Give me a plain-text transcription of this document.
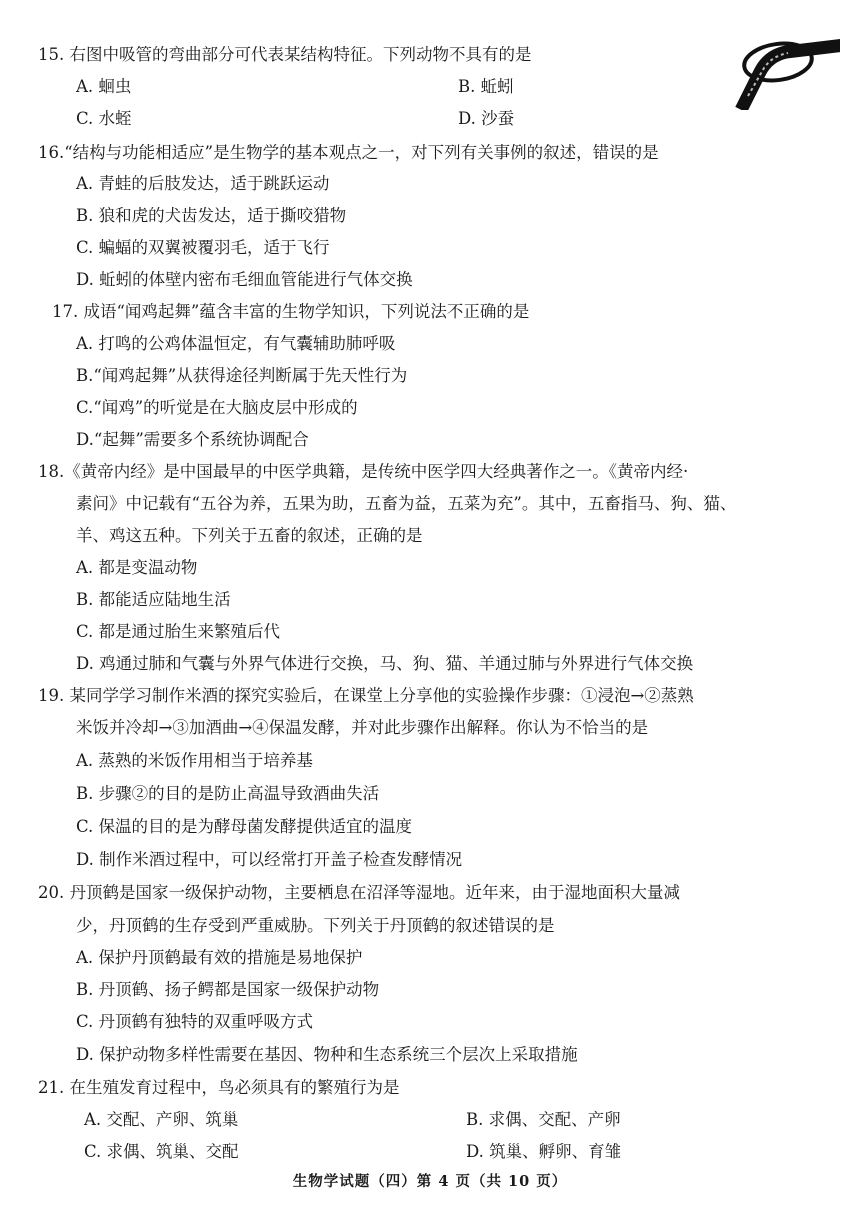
15. 右图中吸管的弯曲部分可代表某结构特征。下列动物不具有的是
A. 蛔虫	B. 蚯蚓
C. 水蛭	D. 沙蚕
16.“结构与功能相适应”是生物学的基本观点之一，对下列有关事例的叙述，错误的是
A. 青蛙的后肢发达，适于跳跃运动
B. 狼和虎的犬齿发达，适于撕咬猎物
C. 蝙蝠的双翼被覆羽毛，适于飞行
D. 蚯蚓的体壁内密布毛细血管能进行气体交换
17. 成语“闻鸡起舞”蕴含丰富的生物学知识，下列说法不正确的是
A. 打鸣的公鸡体温恒定，有气囊辅助肺呼吸
B.“闻鸡起舞”从获得途径判断属于先天性行为
C.“闻鸡”的听觉是在大脑皮层中形成的
D.“起舞”需要多个系统协调配合
18.《黄帝内经》是中国最早的中医学典籍，是传统中医学四大经典著作之一。《黄帝内经·
素问》中记载有“五谷为养，五果为助，五畜为益，五菜为充”。其中，五畜指马、狗、猫、
羊、鸡这五种。下列关于五畜的叙述，正确的是
A. 都是变温动物
B. 都能适应陆地生活
C. 都是通过胎生来繁殖后代
D. 鸡通过肺和气囊与外界气体进行交换，马、狗、猫、羊通过肺与外界进行气体交换
19. 某同学学习制作米酒的探究实验后，在课堂上分享他的实验操作步骤：①浸泡→②蒸熟
米饭并冷却→③加酒曲→④保温发酵，并对此步骤作出解释。你认为不恰当的是
A. 蒸熟的米饭作用相当于培养基
B. 步骤②的目的是防止高温导致酒曲失活
C. 保温的目的是为酵母菌发酵提供适宜的温度
D. 制作米酒过程中，可以经常打开盖子检查发酵情况
20. 丹顶鹤是国家一级保护动物，主要栖息在沼泽等湿地。近年来，由于湿地面积大量减
少，丹顶鹤的生存受到严重威胁。下列关于丹顶鹤的叙述错误的是
A. 保护丹顶鹤最有效的措施是易地保护
B. 丹顶鹤、扬子鳄都是国家一级保护动物
C. 丹顶鹤有独特的双重呼吸方式
D. 保护动物多样性需要在基因、物种和生态系统三个层次上采取措施
21. 在生殖发育过程中，鸟必须具有的繁殖行为是
A. 交配、产卵、筑巢	B. 求偶、交配、产卵
C. 求偶、筑巢、交配	D. 筑巢、孵卵、育雏
生物学试题（四）第 4 页（共 10 页）
